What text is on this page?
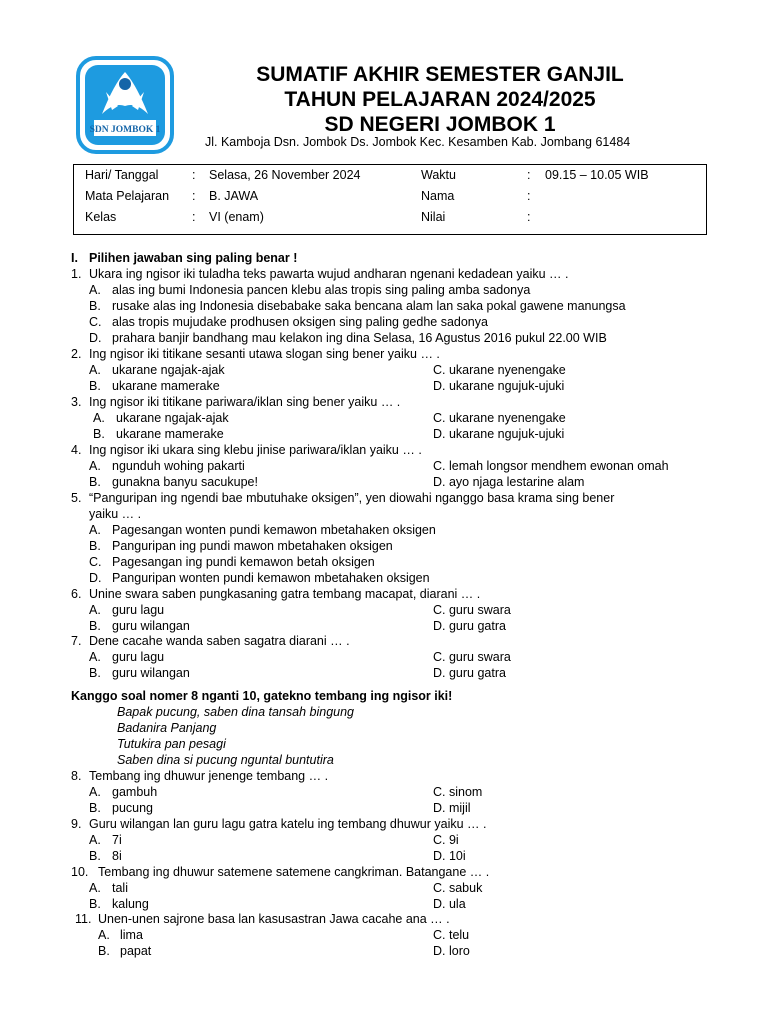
SDN JOMBOK 1
SUMATIF AKHIR SEMESTER GANJIL
TAHUN PELAJARAN 2024/2025
SD NEGERI JOMBOK 1
Jl. Kamboja Dsn. Jombok Ds. Jombok Kec. Kesamben Kab. Jombang 61484
Hari/ Tanggal	: Selasa, 26 November 2024	Waktu	: 09.15 – 10.05 WIB
Mata Pelajaran : B. JAWA	Nama	:
Kelas	: VI (enam)	Nilai	:
I. Pilihen jawaban sing paling benar !
1. Ukara ing ngisor iki tuladha teks pawarta wujud andharan ngenani kedadean yaiku … .
A. alas ing bumi Indonesia pancen klebu alas tropis sing paling amba sadonya
B. rusake alas ing Indonesia disebabake saka bencana alam lan saka pokal gawene manungsa
C. alas tropis mujudake prodhusen oksigen sing paling gedhe sadonya
D. prahara banjir bandhang mau kelakon ing dina Selasa, 16 Agustus 2016 pukul 22.00 WIB
2. Ing ngisor iki titikane sesanti utawa slogan sing bener yaiku … .
A. ukarane ngajak-ajak	C. ukarane nyenengake
B. ukarane mamerake	D. ukarane ngujuk-ujuki
3. Ing ngisor iki titikane pariwara/iklan sing bener yaiku … .
A. ukarane ngajak-ajak	C. ukarane nyenengake
B. ukarane mamerake	D. ukarane ngujuk-ujuki
4. Ing ngisor iki ukara sing klebu jinise pariwara/iklan yaiku … .
A. ngunduh wohing pakarti	C. lemah longsor mendhem ewonan omah
B. gunakna banyu sacukupe!	D. ayo njaga lestarine alam
5. “Panguripan ing ngendi bae mbutuhake oksigen”, yen diowahi nganggo basa krama sing bener
yaiku … .
A. Pagesangan wonten pundi kemawon mbetahaken oksigen
B. Panguripan ing pundi mawon mbetahaken oksigen
C. Pagesangan ing pundi kemawon betah oksigen
D. Panguripan wonten pundi kemawon mbetahaken oksigen
6. Unine swara saben pungkasaning gatra tembang macapat, diarani … .
A. guru lagu	C. guru swara
B. guru wilangan	D. guru gatra
7. Dene cacahe wanda saben sagatra diarani … .
A. guru lagu	C. guru swara
B. guru wilangan	D. guru gatra
Kanggo soal nomer 8 nganti 10, gatekno tembang ing ngisor iki!
Bapak pucung, saben dina tansah bingung
Badanira Panjang
Tutukira pan pesagi
Saben dina si pucung nguntal buntutira
8. Tembang ing dhuwur jenenge tembang … .
A. gambuh	C. sinom
B. pucung	D. mijil
9. Guru wilangan lan guru lagu gatra katelu ing tembang dhuwur yaiku … .
A. 7i	C. 9i
B. 8i	D. 10i
10. Tembang ing dhuwur satemene satemene cangkriman. Batangane … .
A. tali	C. sabuk
B. kalung	D. ula
11. Unen-unen sajrone basa lan kasusastran Jawa cacahe ana … .
A. lima	C. telu
B. papat	D. loro
